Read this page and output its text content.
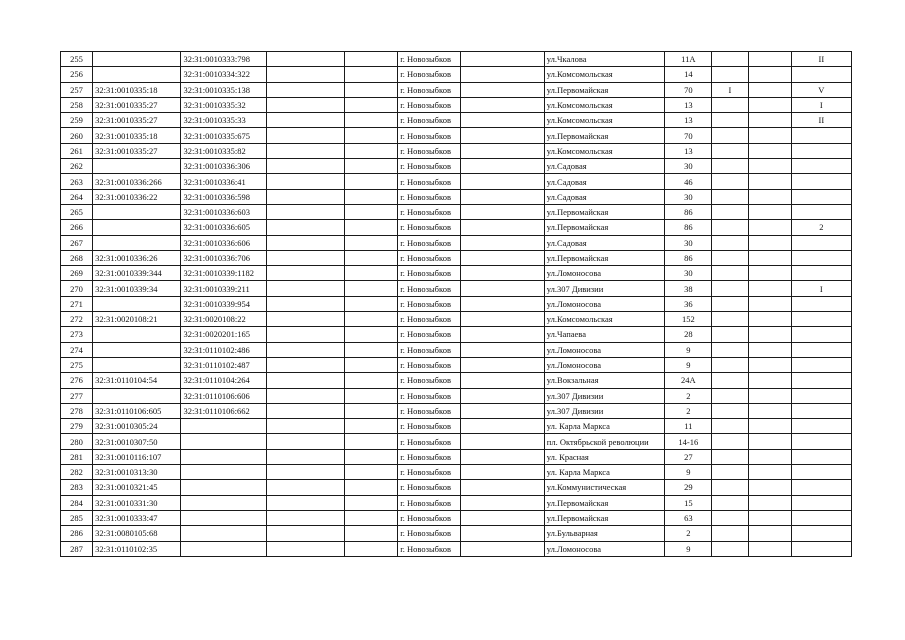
255		32:31:0010333:798			г. Новозыбков		ул.Чкалова	11А			II
256		32:31:0010334:322			г. Новозыбков		ул.Комсомольская	14			
257	32:31:0010335:18	32:31:0010335:138			г. Новозыбков		ул.Первомайская	70	I		V
258	32:31:0010335:27	32:31:0010335:32			г. Новозыбков		ул.Комсомольская	13			I
259	32:31:0010335:27	32:31:0010335:33			г. Новозыбков		ул.Комсомольская	13			II
260	32:31:0010335:18	32:31:0010335:675			г. Новозыбков		ул.Первомайская	70			
261	32:31:0010335:27	32:31:0010335:82			г. Новозыбков		ул.Комсомольская	13			
262		32:31:0010336:306			г. Новозыбков		ул.Садовая	30			
263	32:31:0010336:266	32:31:0010336:41			г. Новозыбков		ул.Садовая	46			
264	32:31:0010336:22	32:31:0010336:598			г. Новозыбков		ул.Садовая	30			
265		32:31:0010336:603			г. Новозыбков		ул.Первомайская	86			
266		32:31:0010336:605			г. Новозыбков		ул.Первомайская	86			2
267		32:31:0010336:606			г. Новозыбков		ул.Садовая	30			
268	32:31:0010336:26	32:31:0010336:706			г. Новозыбков		ул.Первомайская	86			
269	32:31:0010339:344	32:31:0010339:1182			г. Новозыбков		ул.Ломоносова	30			
270	32:31:0010339:34	32:31:0010339:211			г. Новозыбков		ул.307 Дивизии	38			I
271		32:31:0010339:954			г. Новозыбков		ул.Ломоносова	36			
272	32:31:0020108:21	32:31:0020108:22			г. Новозыбков		ул.Комсомольская	152			
273		32:31:0020201:165			г. Новозыбков		ул.Чапаева	28			
274		32:31:0110102:486			г. Новозыбков		ул.Ломоносова	9			
275		32:31:0110102:487			г. Новозыбков		ул.Ломоносова	9			
276	32:31:0110104:54	32:31:0110104:264			г. Новозыбков		ул.Вокзальная	24А			
277		32:31:0110106:606			г. Новозыбков		ул.307 Дивизии	2			
278	32:31:0110106:605	32:31:0110106:662			г. Новозыбков		ул.307 Дивизии	2			
279	32:31:0010305:24				г. Новозыбков		ул. Карла Маркса	11			
280	32:31:0010307:50				г. Новозыбков		пл. Октябрьской революции	14-16			
281	32:31:0010116:107				г. Новозыбков		ул. Красная	27			
282	32:31:0010313:30				г. Новозыбков		ул. Карла Маркса	9			
283	32:31:0010321:45				г. Новозыбков		ул.Коммунистическая	29			
284	32:31:0010331:30				г. Новозыбков		ул.Первомайская	15			
285	32:31:0010333:47				г. Новозыбков		ул.Первомайская	63			
286	32:31:0080105:68				г. Новозыбков		ул.Бульварная	2			
287	32:31:0110102:35				г. Новозыбков		ул.Ломоносова	9			
